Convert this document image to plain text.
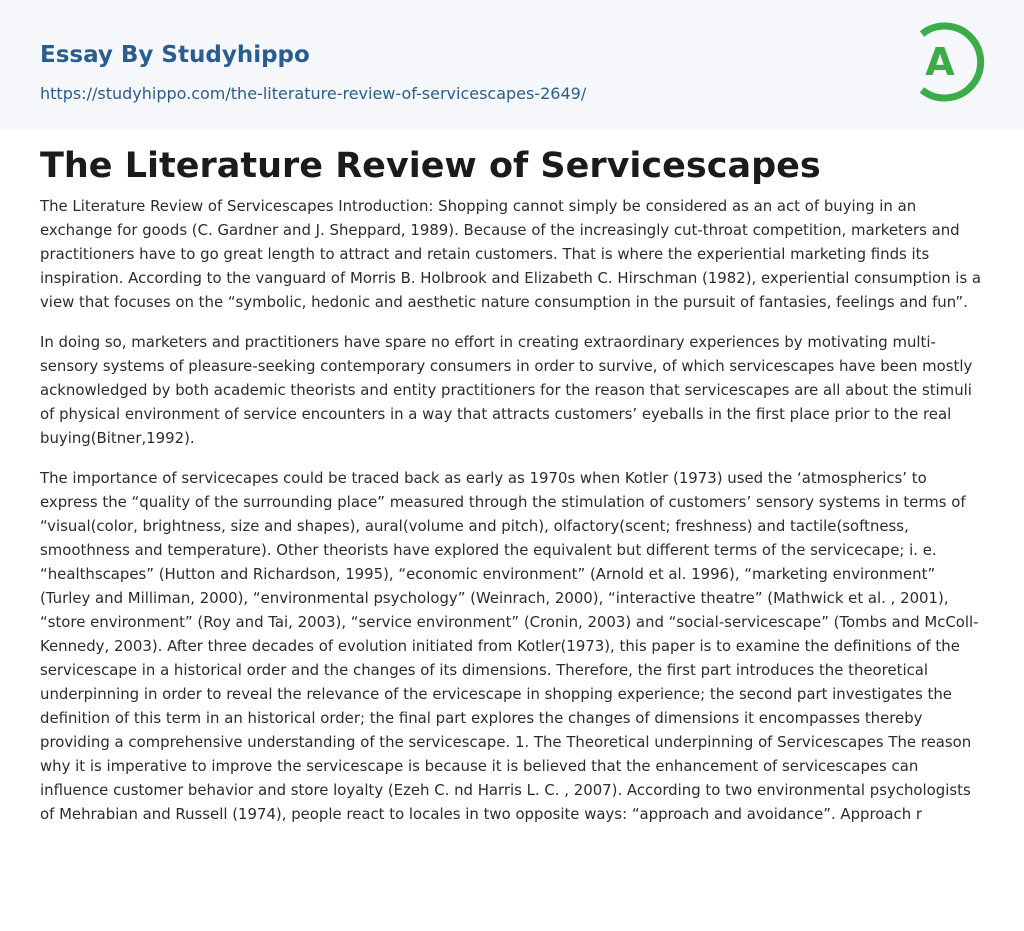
Essay By Studyhippo
https://studyhippo.com/the-literature-review-of-servicescapes-2649/
A
The Literature Review of Servicescapes

The Literature Review of Servicescapes Introduction: Shopping cannot simply be considered as an act of buying in an exchange for goods (C. Gardner and J. Sheppard, 1989). Because of the increasingly cut-throat competition, marketers and practitioners have to go great length to attract and retain customers. That is where the experiential marketing finds its inspiration. According to the vanguard of Morris B. Holbrook and Elizabeth C. Hirschman (1982), experiential consumption is a view that focuses on the “symbolic, hedonic and aesthetic nature consumption in the pursuit of fantasies, feelings and fun”.

In doing so, marketers and practitioners have spare no effort in creating extraordinary experiences by motivating multi-sensory systems of pleasure-seeking contemporary consumers in order to survive, of which servicescapes have been mostly acknowledged by both academic theorists and entity practitioners for the reason that servicescapes are all about the stimuli of physical environment of service encounters in a way that attracts customers’ eyeballs in the first place prior to the real buying(Bitner,1992).

The importance of servicecapes could be traced back as early as 1970s when Kotler (1973) used the ‘atmospherics’ to express the “quality of the surrounding place” measured through the stimulation of customers’ sensory systems in terms of “visual(color, brightness, size and shapes), aural(volume and pitch), olfactory(scent; freshness) and tactile(softness, smoothness and temperature). Other theorists have explored the equivalent but different terms of the servicecape; i. e. “healthscapes” (Hutton and Richardson, 1995), “economic environment” (Arnold et al. 1996), “marketing environment” (Turley and Milliman, 2000), “environmental psychology” (Weinrach, 2000), “interactive theatre” (Mathwick et al. , 2001), “store environment” (Roy and Tai, 2003), “service environment” (Cronin, 2003) and “social-servicescape” (Tombs and McColl-Kennedy, 2003). After three decades of evolution initiated from Kotler(1973), this paper is to examine the definitions of the servicescape in a historical order and the changes of its dimensions. Therefore, the first part introduces the theoretical underpinning in order to reveal the relevance of the ervicescape in shopping experience; the second part investigates the definition of this term in an historical order; the final part explores the changes of dimensions it encompasses thereby providing a comprehensive understanding of the servicescape. 1. The Theoretical underpinning of Servicescapes The reason why it is imperative to improve the servicescape is because it is believed that the enhancement of servicescapes can influence customer behavior and store loyalty (Ezeh C. nd Harris L. C. , 2007). According to two environmental psychologists of Mehrabian and Russell (1974), people react to locales in two opposite ways: “approach and avoidance”. Approach r
